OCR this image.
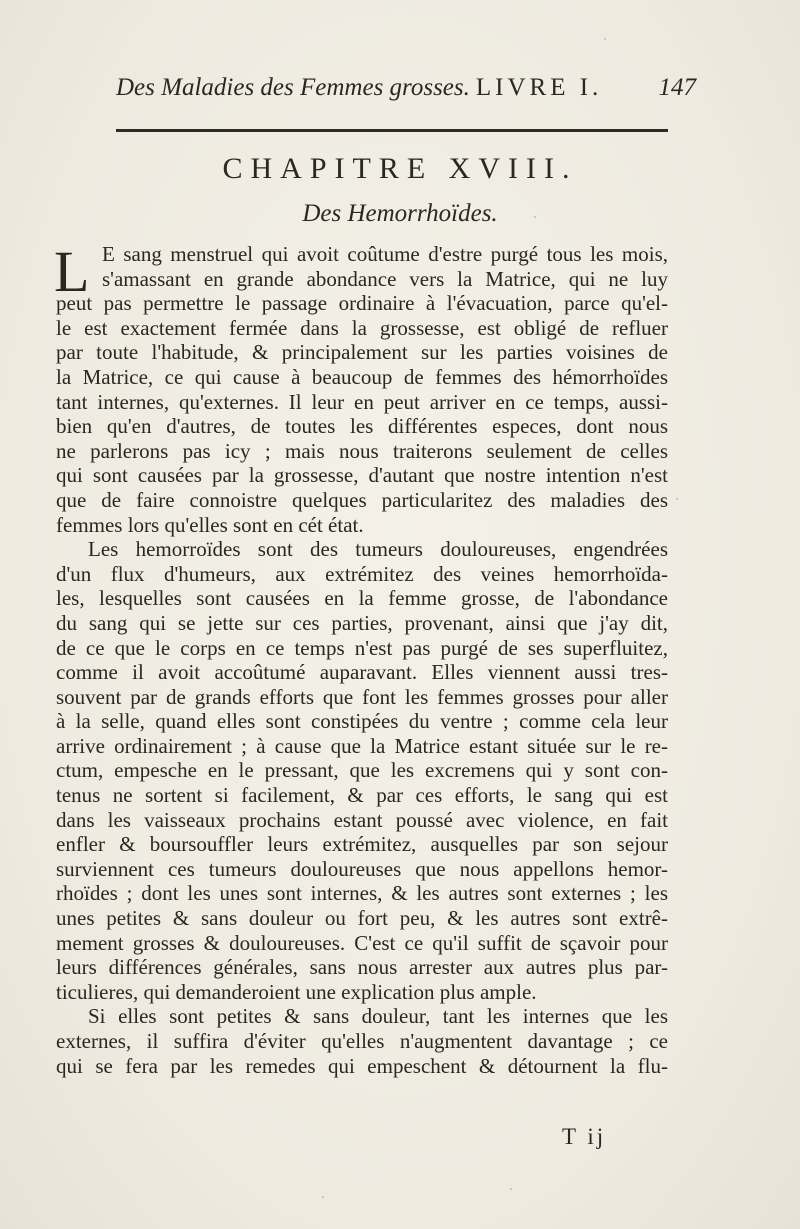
Des Maladies des Femmes grosses. LIVRE I. 147
CHAPITRE XVIII.
Des Hemorrhoïdes.
L E sang menstruel qui avoit coûtume d'estre purgé tous les mois,
s'amassant en grande abondance vers la Matrice, qui ne luy
peut pas permettre le passage ordinaire à l'évacuation, parce qu'el-
le est exactement fermée dans la grossesse, est obligé de refluer
par toute l'habitude, & principalement sur les parties voisines de
la Matrice, ce qui cause à beaucoup de femmes des hémorrhoïdes
tant internes, qu'externes. Il leur en peut arriver en ce temps, aussi-
bien qu'en d'autres, de toutes les différentes especes, dont nous
ne parlerons pas icy ; mais nous traiterons seulement de celles
qui sont causées par la grossesse, d'autant que nostre intention n'est
que de faire connoistre quelques particularitez des maladies des
femmes lors qu'elles sont en cét état.
Les hemorroïdes sont des tumeurs douloureuses, engendrées
d'un flux d'humeurs, aux extrémitez des veines hemorrhoïda-
les, lesquelles sont causées en la femme grosse, de l'abondance
du sang qui se jette sur ces parties, provenant, ainsi que j'ay dit,
de ce que le corps en ce temps n'est pas purgé de ses superfluitez,
comme il avoit accoûtumé auparavant. Elles viennent aussi tres-
souvent par de grands efforts que font les femmes grosses pour aller
à la selle, quand elles sont constipées du ventre ; comme cela leur
arrive ordinairement ; à cause que la Matrice estant située sur le re-
ctum, empesche en le pressant, que les excremens qui y sont con-
tenus ne sortent si facilement, & par ces efforts, le sang qui est
dans les vaisseaux prochains estant poussé avec violence, en fait
enfler & boursouffler leurs extrémitez, ausquelles par son sejour
surviennent ces tumeurs douloureuses que nous appellons hemor-
rhoïdes ; dont les unes sont internes, & les autres sont externes ; les
unes petites & sans douleur ou fort peu, & les autres sont extrê-
mement grosses & douloureuses. C'est ce qu'il suffit de sçavoir pour
leurs différences générales, sans nous arrester aux autres plus par-
ticulieres, qui demanderoient une explication plus ample.
Si elles sont petites & sans douleur, tant les internes que les
externes, il suffira d'éviter qu'elles n'augmentent davantage ; ce
qui se fera par les remedes qui empeschent & détournent la flu-
T ij
